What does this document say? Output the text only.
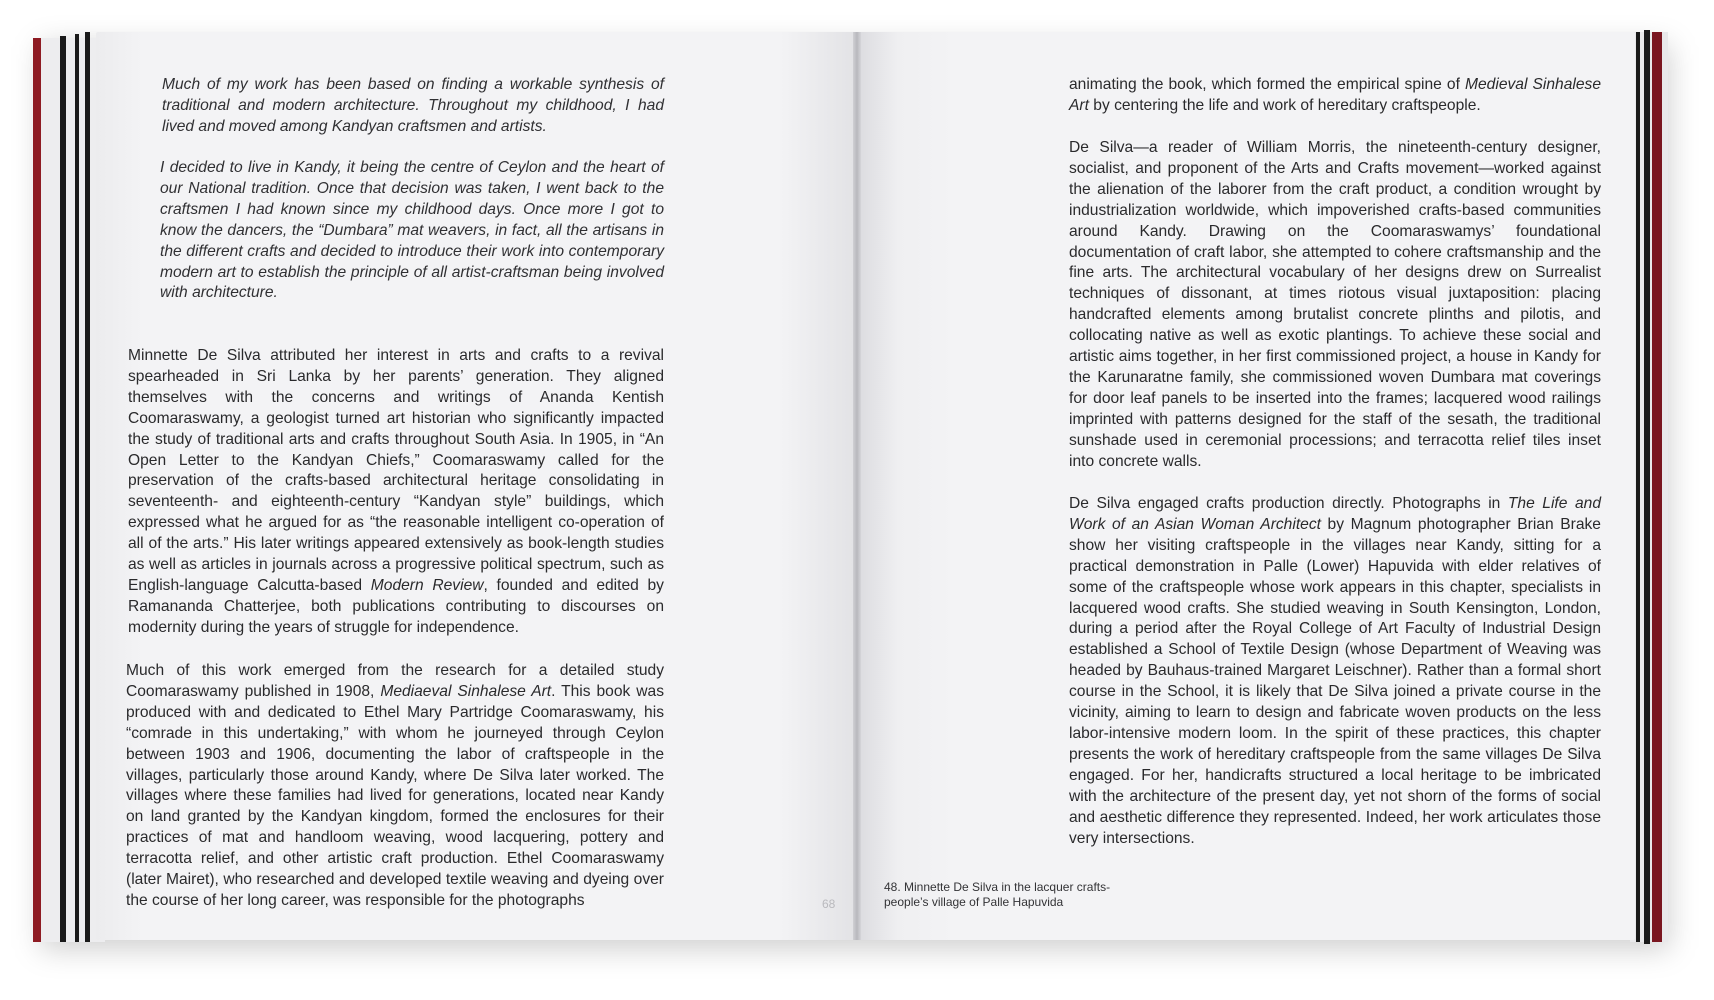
Much of my work has been based on finding a workable synthesis of traditional and modern architecture. Throughout my childhood, I had lived and moved among Kandyan craftsmen and artists.

I decided to live in Kandy, it being the centre of Ceylon and the heart of our National tradition. Once that decision was taken, I went back to the craftsmen I had known since my childhood days. Once more I got to know the dancers, the “Dumbara” mat weavers, in fact, all the artisans in the different crafts and decided to introduce their work into contemporary modern art to establish the principle of all artist-craftsman being involved with architecture.

Minnette De Silva attributed her interest in arts and crafts to a revival spearheaded in Sri Lanka by her parents’ generation. They aligned themselves with the concerns and writings of Ananda Kentish Coomaraswamy, a geologist turned art historian who significantly impacted the study of traditional arts and crafts throughout South Asia. In 1905, in “An Open Letter to the Kandyan Chiefs,” Coomaraswamy called for the preservation of the crafts-based architectural heritage consolidating in seventeenth- and eighteenth-century “Kandyan style” buildings, which expressed what he argued for as “the reasonable intelligent co-operation of all of the arts.” His later writings appeared extensively as book-length studies as well as articles in journals across a progressive political spectrum, such as English-language Calcutta-based Modern Review, founded and edited by Ramananda Chatterjee, both publications contributing to discourses on modernity during the years of struggle for independence.

Much of this work emerged from the research for a detailed study Coomaraswamy published in 1908, Mediaeval Sinhalese Art. This book was produced with and dedicated to Ethel Mary Partridge Coomaraswamy, his “comrade in this undertaking,” with whom he journeyed through Ceylon between 1903 and 1906, documenting the labor of craftspeople in the villages, particularly those around Kandy, where De Silva later worked. The villages where these families had lived for generations, located near Kandy on land granted by the Kandyan kingdom, formed the enclosures for their practices of mat and handloom weaving, wood lacquering, pottery and terracotta relief, and other artistic craft production. Ethel Coomaraswamy (later Mairet), who researched and developed textile weaving and dyeing over the course of her long career, was responsible for the photographs	68

animating the book, which formed the empirical spine of Medieval Sinhalese Art by centering the life and work of hereditary craftspeople.

De Silva—a reader of William Morris, the nineteenth-century designer, socialist, and proponent of the Arts and Crafts movement—worked against the alienation of the laborer from the craft product, a condition wrought by industrialization worldwide, which impoverished crafts-based communities around Kandy. Drawing on the Coomaraswamys’ foundational documentation of craft labor, she attempted to cohere craftsmanship and the fine arts. The architectural vocabulary of her designs drew on Surrealist techniques of dissonant, at times riotous visual juxtaposition: placing handcrafted elements among brutalist concrete plinths and pilotis, and collocating native as well as exotic plantings. To achieve these social and artistic aims together, in her first commissioned project, a house in Kandy for the Karunaratne family, she commissioned woven Dumbara mat coverings for door leaf panels to be inserted into the frames; lacquered wood railings imprinted with patterns designed for the staff of the sesath, the traditional sunshade used in ceremonial processions; and terracotta relief tiles inset into concrete walls.

De Silva engaged crafts production directly. Photographs in The Life and Work of an Asian Woman Architect by Magnum photographer Brian Brake show her visiting craftspeople in the villages near Kandy, sitting for a practical demonstration in Palle (Lower) Hapuvida with elder relatives of some of the craftspeople whose work appears in this chapter, specialists in lacquered wood crafts. She studied weaving in South Kensington, London, during a period after the Royal College of Art Faculty of Industrial Design established a School of Textile Design (whose Department of Weaving was headed by Bauhaus-trained Margaret Leischner). Rather than a formal short course in the School, it is likely that De Silva joined a private course in the vicinity, aiming to learn to design and fabricate woven products on the less labor-intensive modern loom. In the spirit of these practices, this chapter presents the work of hereditary craftspeople from the same villages De Silva engaged. For her, handicrafts structured a local heritage to be imbricated with the architecture of the present day, yet not shorn of the forms of social and aesthetic difference they represented. Indeed, her work articulates those very intersections.

48. Minnette De Silva in the lacquer crafts-
people’s village of Palle Hapuvida
